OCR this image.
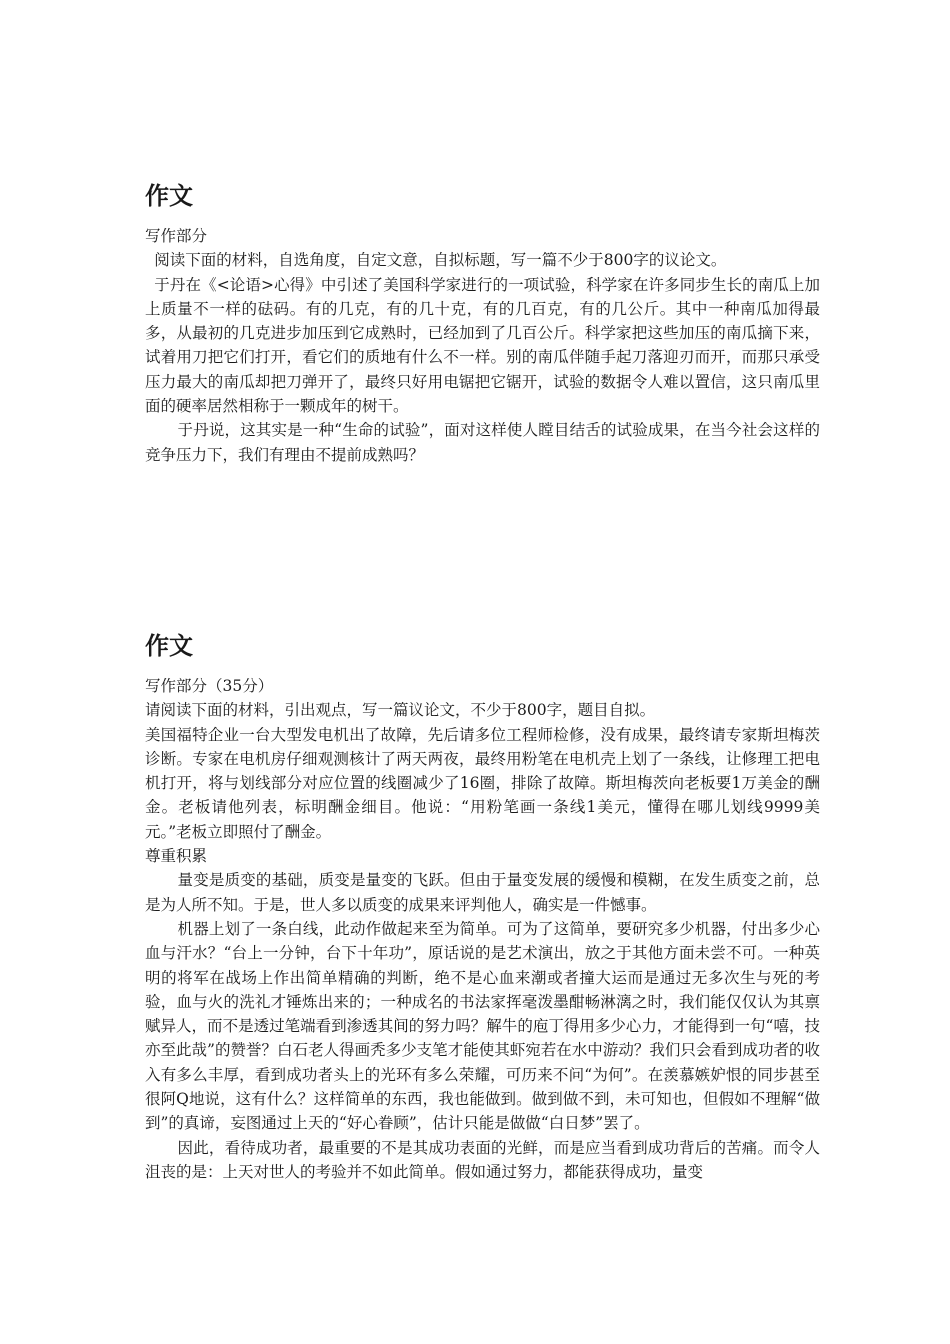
作文

写作部分

阅读下面的材料，自选角度，自定文意，自拟标题，写一篇不少于800字的议论文。

于丹在《<论语>心得》中引述了美国科学家进行的一项试验，科学家在许多同步生长的南瓜上加上质量不一样的砝码。有的几克，有的几十克，有的几百克，有的几公斤。其中一种南瓜加得最多，从最初的几克进步加压到它成熟时，已经加到了几百公斤。科学家把这些加压的南瓜摘下来，试着用刀把它们打开，看它们的质地有什么不一样。别的南瓜伴随手起刀落迎刃而开，而那只承受压力最大的南瓜却把刀弹开了，最终只好用电锯把它锯开，试验的数据令人难以置信，这只南瓜里面的硬率居然相称于一颗成年的树干。

于丹说，这其实是一种“生命的试验”，面对这样使人瞠目结舌的试验成果，在当今社会这样的竞争压力下，我们有理由不提前成熟吗？

作文

写作部分（35分）

请阅读下面的材料，引出观点，写一篇议论文，不少于800字，题目自拟。

美国福特企业一台大型发电机出了故障，先后请多位工程师检修，没有成果，最终请专家斯坦梅茨诊断。专家在电机房仔细观测核计了两天两夜，最终用粉笔在电机壳上划了一条线，让修理工把电机打开，将与划线部分对应位置的线圈减少了16圈，排除了故障。斯坦梅茨向老板要1万美金的酬金。老板请他列表，标明酬金细目。他说：“用粉笔画一条线1美元，懂得在哪儿划线9999美元。”老板立即照付了酬金。

尊重积累

量变是质变的基础，质变是量变的飞跃。但由于量变发展的缓慢和模糊，在发生质变之前，总是为人所不知。于是，世人多以质变的成果来评判他人，确实是一件憾事。

机器上划了一条白线，此动作做起来至为简单。可为了这简单，要研究多少机器，付出多少心血与汗水？“台上一分钟，台下十年功”，原话说的是艺术演出，放之于其他方面未尝不可。一种英明的将军在战场上作出简单精确的判断，绝不是心血来潮或者撞大运而是通过无多次生与死的考验，血与火的洗礼才锤炼出来的；一种成名的书法家挥毫泼墨酣畅淋漓之时，我们能仅仅认为其禀赋异人，而不是透过笔端看到渗透其间的努力吗？解牛的庖丁得用多少心力，才能得到一句“嘻，技亦至此哉”的赞誉？白石老人得画秃多少支笔才能使其虾宛若在水中游动？我们只会看到成功者的收入有多么丰厚，看到成功者头上的光环有多么荣耀，可历来不问“为何”。在羡慕嫉妒恨的同步甚至很阿Q地说，这有什么？这样简单的东西，我也能做到。做到做不到，未可知也，但假如不理解“做到”的真谛，妄图通过上天的“好心眷顾”，估计只能是做做“白日梦”罢了。

因此，看待成功者，最重要的不是其成功表面的光鲜，而是应当看到成功背后的苦痛。而令人沮丧的是：上天对世人的考验并不如此简单。假如通过努力，都能获得成功，量变
